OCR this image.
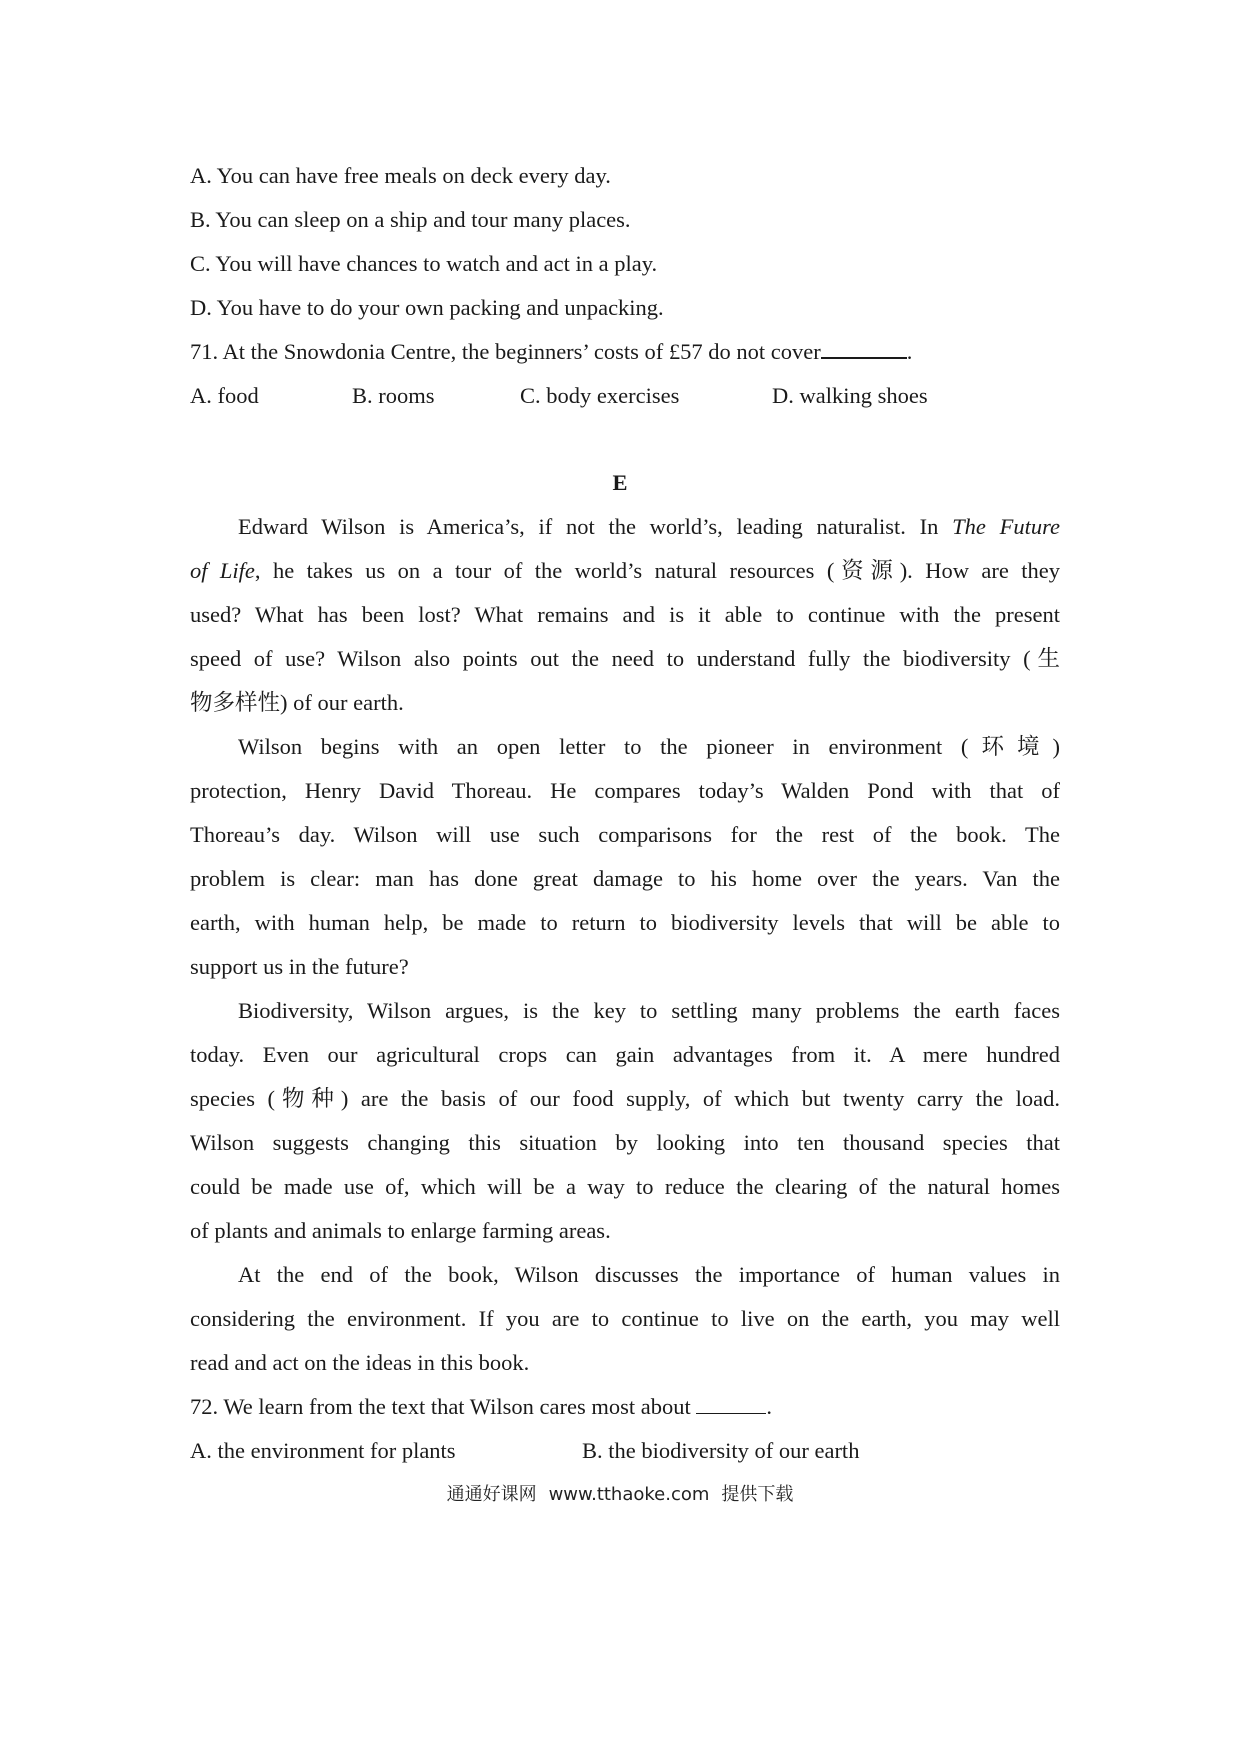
A. You can have free meals on deck every day.
B. You can sleep on a ship and tour many places.
C. You will have chances to watch and act in a play.
D. You have to do your own packing and unpacking.
71. At the Snowdonia Centre, the beginners’ costs of £57 do not cover	.
A. food	B. rooms	C. body exercises	D. walking shoes
E
Edward Wilson is America’s, if not the world’s, leading naturalist. In The Future
of Life, he takes us on a tour of the world’s natural resources (资源). How are they
used? What has been lost? What remains and is it able to continue with the present
speed of use? Wilson also points out the need to understand fully the biodiversity (生
物多样性) of our earth.
Wilson begins with an open letter to the pioneer in environment (环境)
protection, Henry David Thoreau. He compares today’s Walden Pond with that of
Thoreau’s day. Wilson will use such comparisons for the rest of the book. The
problem is clear: man has done great damage to his home over the years. Van the
earth, with human help, be made to return to biodiversity levels that will be able to
support us in the future?
Biodiversity, Wilson argues, is the key to settling many problems the earth faces
today. Even our agricultural crops can gain advantages from it. A mere hundred
species (物种) are the basis of our food supply, of which but twenty carry the load.
Wilson suggests changing this situation by looking into ten thousand species that
could be made use of, which will be a way to reduce the clearing of the natural homes
of plants and animals to enlarge farming areas.
At the end of the book, Wilson discusses the importance of human values in
considering the environment. If you are to continue to live on the earth, you may well
read and act on the ideas in this book.
72. We learn from the text that Wilson cares most about	.
A. the environment for plants	B. the biodiversity of our earth
通通好课网 www.tthaoke.com 提供下载
